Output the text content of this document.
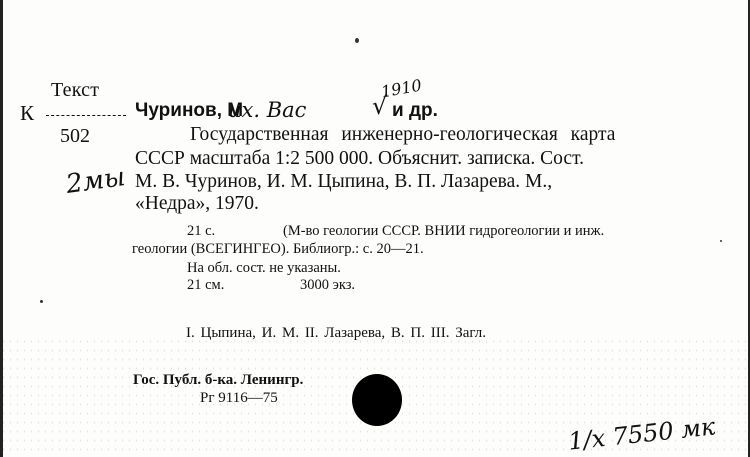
Текст
К
502
2мы
Чуринов, М
их. Вас
1910
√ и др.
Государственная инженерно-геологическая карта
СССР масштаба 1:2 500 000. Объяснит. записка. Сост.
М. В. Чуринов, И. М. Цыпина, В. П. Лазарева. М.,
«Недра», 1970.
21 с.	(М-во геологии СССР. ВНИИ гидрогеологии и инж.
геологии (ВСЕГИНГЕО). Библиогр.: с. 20—21.
На обл. сост. не указаны.
21 см.	3000 экз.
I. Цыпина, И. М. II. Лазарева, В. П. III. Загл.
Гос. Публ. б-ка. Ленингр.
Рг 9116—75
1/х 7550 мк
